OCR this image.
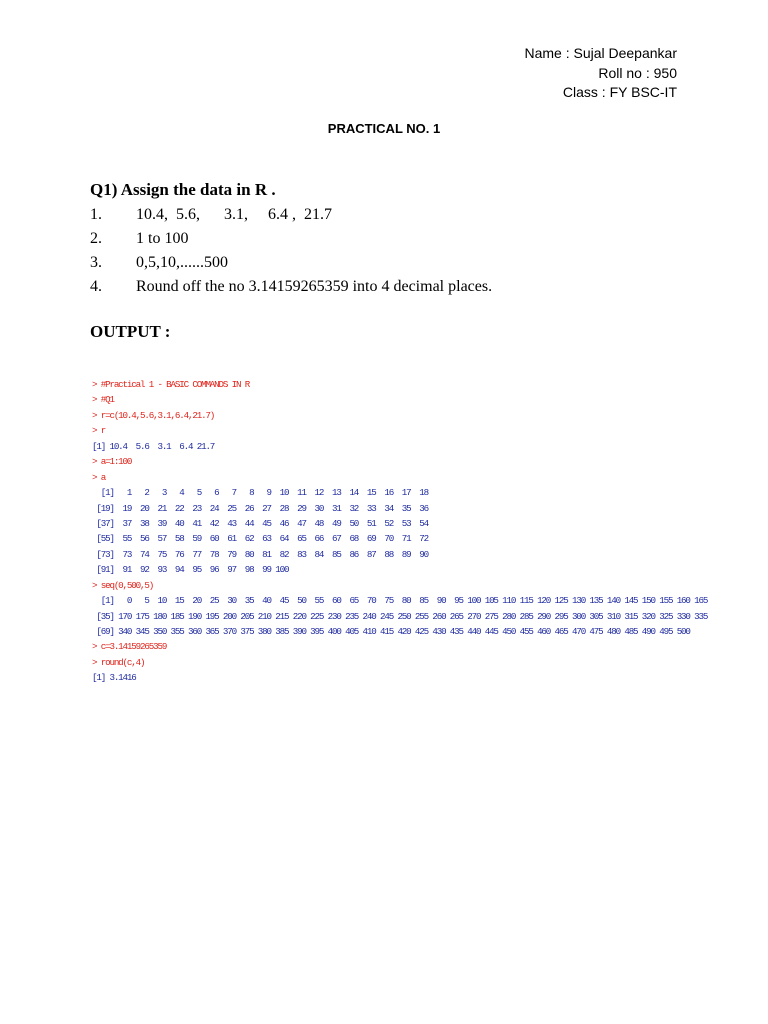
Name : Sujal Deepankar
Roll no : 950
Class : FY BSC-IT
PRACTICAL NO. 1
Q1) Assign the data in R .
1.	10.4,  5.6,      3.1,     6.4 ,  21.7
2.	1 to 100
3.	0,5,10,......500
4.	Round off the no 3.14159265359 into 4 decimal places.
OUTPUT :
> #Practical 1 - BASIC COMMANDS IN R
> #Q1
> r=c(10.4,5.6,3.1,6.4,21.7)
> r
[1] 10.4  5.6  3.1  6.4 21.7
> a=1:100
> a
[1]   1   2   3   4   5   6   7   8   9  10  11  12  13  14  15  16  17  18
[19]  19  20  21  22  23  24  25  26  27  28  29  30  31  32  33  34  35  36
[37]  37  38  39  40  41  42  43  44  45  46  47  48  49  50  51  52  53  54
[55]  55  56  57  58  59  60  61  62  63  64  65  66  67  68  69  70  71  72
[73]  73  74  75  76  77  78  79  80  81  82  83  84  85  86  87  88  89  90
[91]  91  92  93  94  95  96  97  98  99 100
> seq(0,500,5)
[1]   0   5  10  15  20  25  30  35  40  45  50  55  60  65  70  75  80  85  90  95 100 105 110 115 120 125 130 135 140 145 150 155 160 165
[35] 170 175 180 185 190 195 200 205 210 215 220 225 230 235 240 245 250 255 260 265 270 275 280 285 290 295 300 305 310 315 320 325 330 335
[69] 340 345 350 355 360 365 370 375 380 385 390 395 400 405 410 415 420 425 430 435 440 445 450 455 460 465 470 475 480 485 490 495 500
> c=3.14159265359
> round(c,4)
[1] 3.1416
